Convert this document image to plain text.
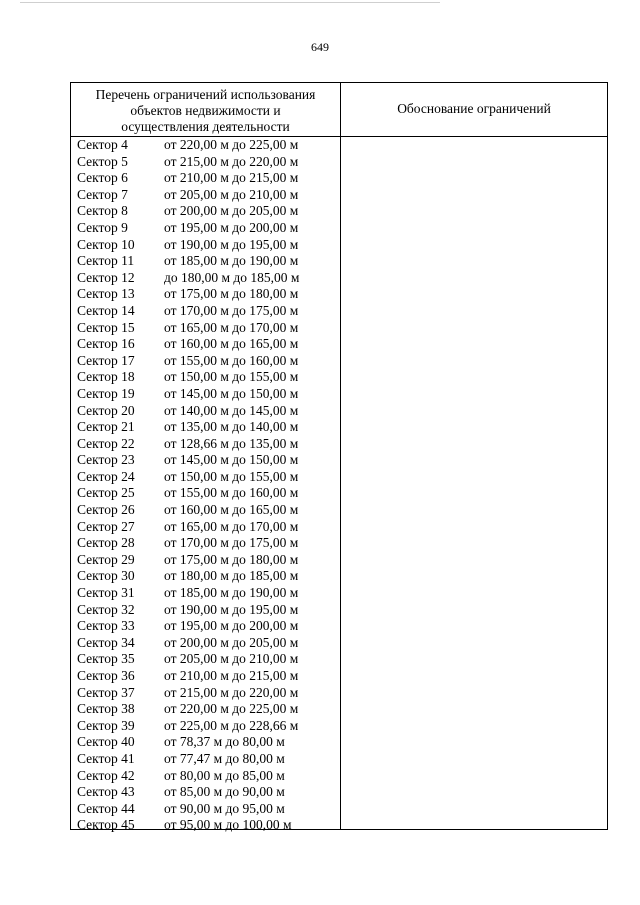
649
Перечень ограничений использования
объектов недвижимости и
осуществления деятельности
Обоснование ограничений
Сектор 4	от 220,00 м до 225,00 м
Сектор 5	от 215,00 м до 220,00 м
Сектор 6	от 210,00 м до 215,00 м
Сектор 7	от 205,00 м до 210,00 м
Сектор 8	от 200,00 м до 205,00 м
Сектор 9	от 195,00 м до 200,00 м
Сектор 10 от 190,00 м до 195,00 м
Сектор 11 от 185,00 м до 190,00 м
Сектор 12 до 180,00 м до 185,00 м
Сектор 13 от 175,00 м до 180,00 м
Сектор 14 от 170,00 м до 175,00 м
Сектор 15 от 165,00 м до 170,00 м
Сектор 16 от 160,00 м до 165,00 м
Сектор 17 от 155,00 м до 160,00 м
Сектор 18 от 150,00 м до 155,00 м
Сектор 19 от 145,00 м до 150,00 м
Сектор 20 от 140,00 м до 145,00 м
Сектор 21 от 135,00 м до 140,00 м
Сектор 22 от 128,66 м до 135,00 м
Сектор 23 от 145,00 м до 150,00 м
Сектор 24 от 150,00 м до 155,00 м
Сектор 25 от 155,00 м до 160,00 м
Сектор 26 от 160,00 м до 165,00 м
Сектор 27 от 165,00 м до 170,00 м
Сектор 28 от 170,00 м до 175,00 м
Сектор 29 от 175,00 м до 180,00 м
Сектор 30 от 180,00 м до 185,00 м
Сектор 31 от 185,00 м до 190,00 м
Сектор 32 от 190,00 м до 195,00 м
Сектор 33 от 195,00 м до 200,00 м
Сектор 34 от 200,00 м до 205,00 м
Сектор 35 от 205,00 м до 210,00 м
Сектор 36 от 210,00 м до 215,00 м
Сектор 37 от 215,00 м до 220,00 м
Сектор 38 от 220,00 м до 225,00 м
Сектор 39 от 225,00 м до 228,66 м
Сектор 40 от 78,37 м до 80,00 м
Сектор 41 от 77,47 м до 80,00 м
Сектор 42 от 80,00 м до 85,00 м
Сектор 43 от 85,00 м до 90,00 м
Сектор 44 от 90,00 м до 95,00 м
Сектор 45 от 95,00 м до 100,00 м
